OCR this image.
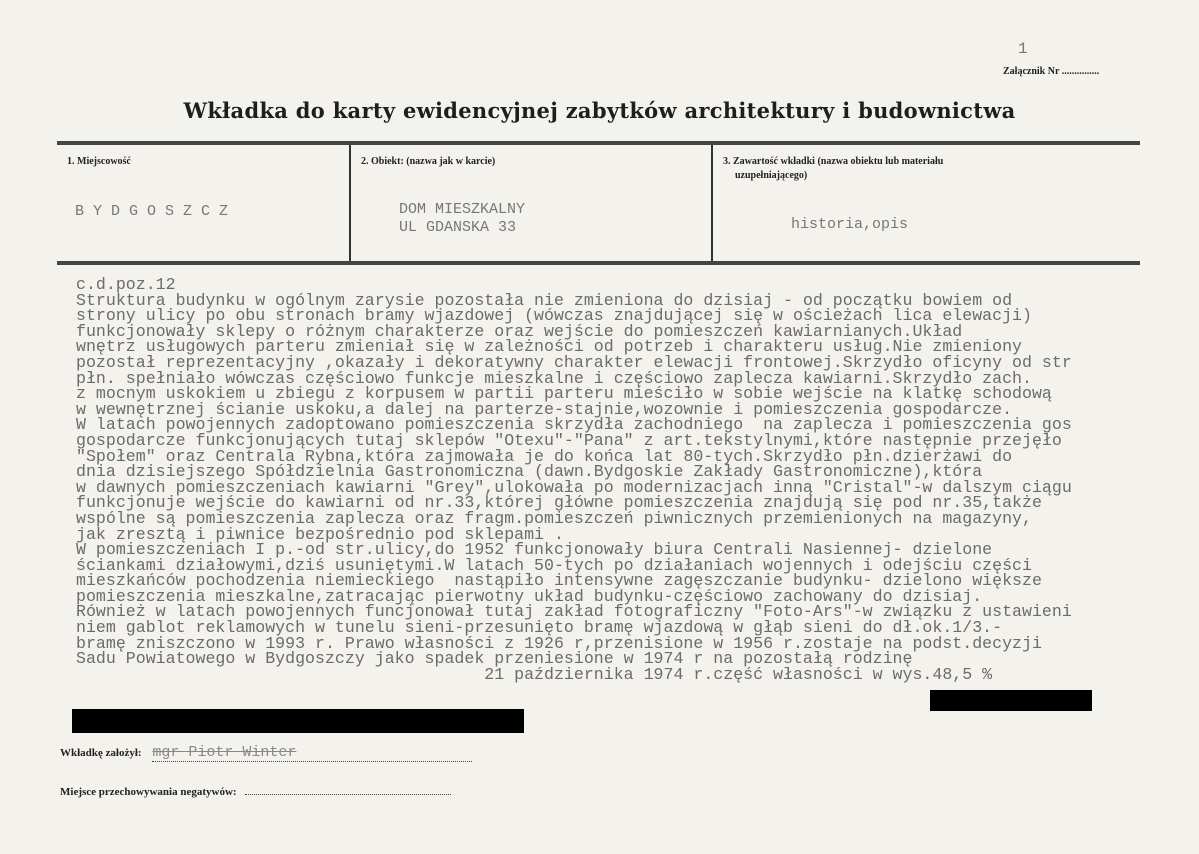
1
Załącznik Nr ...............
Wkładka do karty ewidencyjnej zabytków architektury i budownictwa
1. Miejscowość
B Y D G O S Z C Z
2. Obiekt: (nazwa jak w karcie)
DOM MIESZKALNY
UL GDANSKA 33
3. Zawartość wkładki (nazwa obiektu lub materiału
uzupełniającego)
historia,opis
c.d.poz.12
Struktura budynku w ogólnym zarysie pozostała nie zmieniona do dzisiaj - od początku bowiem od
strony ulicy po obu stronach bramy wjazdowej (wówczas znajdującej się w ościeżach lica elewacji)
funkcjonowały sklepy o różnym charakterze oraz wejście do pomieszczeń kawiarnianych.Układ
wnętrz usługowych parteru zmieniał się w zależności od potrzeb i charakteru usług.Nie zmieniony
pozostał reprezentacyjny ,okazały i dekoratywny charakter elewacji frontowej.Skrzydło oficyny od str
płn. spełniało wówczas częściowo funkcje mieszkalne i częściowo zaplecza kawiarni.Skrzydło zach.
z mocnym uskokiem u zbiegu z korpusem w partii parteru mieściło w sobie wejście na klatkę schodową
w wewnętrznej ścianie uskoku,a dalej na parterze-stajnie,wozownie i pomieszczenia gospodarcze.
W latach powojennych zadoptowano pomieszczenia skrzydła zachodniego  na zaplecza i pomieszczenia gos
gospodarcze funkcjonujących tutaj sklepów "Otexu"-"Pana" z art.tekstylnymi,które następnie przejęło
"Społem" oraz Centrala Rybna,która zajmowała je do końca lat 80-tych.Skrzydło płn.dzierżawi do
dnia dzisiejszego Spółdzielnia Gastronomiczna (dawn.Bydgoskie Zakłady Gastronomiczne),która
w dawnych pomieszczeniach kawiarni "Grey",ulokowała po modernizacjach inną "Cristal"-w dalszym ciągu
funkcjonuje wejście do kawiarni od nr.33,której główne pomieszczenia znajdują się pod nr.35,także
wspólne są pomieszczenia zaplecza oraz fragm.pomieszczeń piwnicznych przemienionych na magazyny,
jak zresztą i piwnice bezpośrednio pod sklepami .
W pomieszczeniach I p.-od str.ulicy,do 1952 funkcjonowały biura Centrali Nasiennej- dzielone
ściankami działowymi,dziś usuniętymi.W latach 50-tych po działaniach wojennych i odejściu części
mieszkańców pochodzenia niemieckiego  nastąpiło intensywne zagęszczanie budynku- dzielono większe
pomieszczenia mieszkalne,zatracając pierwotny układ budynku-częściowo zachowany do dzisiaj.
Również w latach powojennych funcjonował tutaj zakład fotograficzny "Foto-Ars"-w związku z ustawieni
niem gablot reklamowych w tunelu sieni-przesunięto bramę wjazdową w głąb sieni do dł.ok.1/3.-
bramę zniszczono w 1993 r. Prawo własności z 1926 r,przenisione w 1956 r.zostaje na podst.decyzji
Sadu Powiatowego w Bydgoszczy jako spadek przeniesione w 1974 r na pozostałą rodzinę
21 października 1974 r.część własności w wys.48,5 %
Wkładkę założył: mgr Piotr Winter
Miejsce przechowywania negatywów:
